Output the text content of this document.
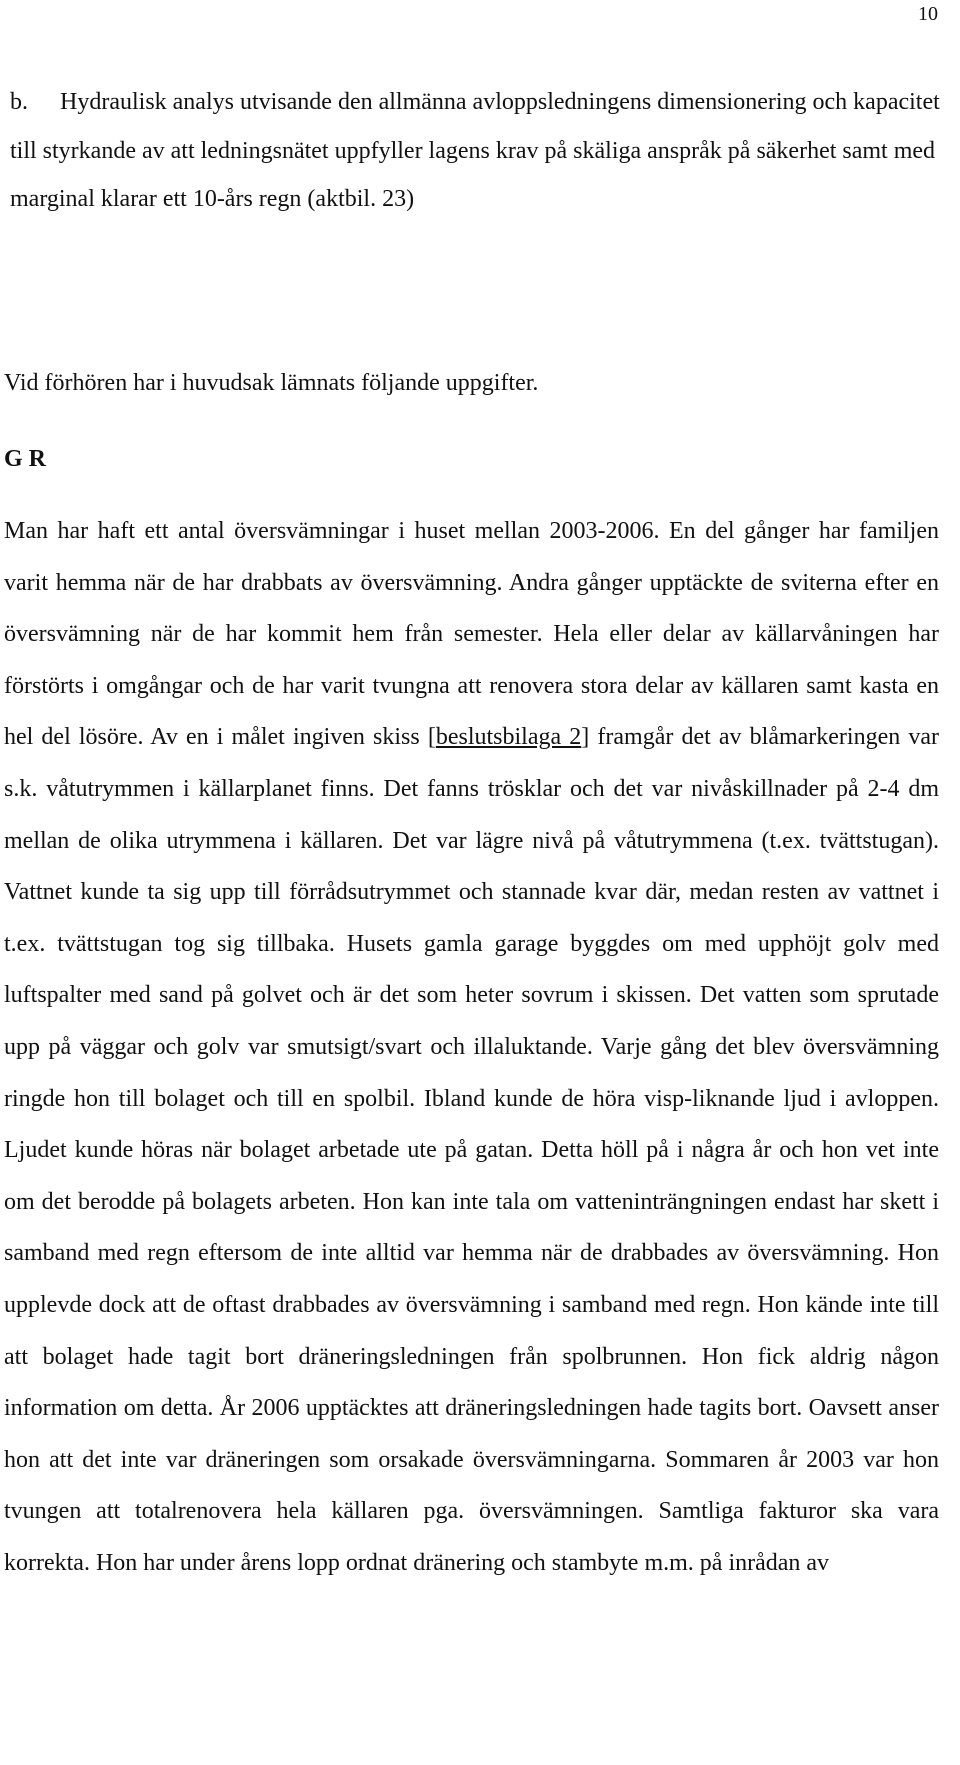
10
b. Hydraulisk analys utvisande den allmänna avloppsledningens dimensionering och kapacitet till styrkande av att ledningsnätet uppfyller lagens krav på skäliga anspråk på säkerhet samt med marginal klarar ett 10-års regn (aktbil. 23)
Vid förhören har i huvudsak lämnats följande uppgifter.
G R
Man har haft ett antal översvämningar i huset mellan 2003-2006. En del gånger har familjen varit hemma när de har drabbats av översvämning. Andra gånger upptäckte de sviterna efter en översvämning när de har kommit hem från semester. Hela eller delar av källarvåningen har förstörts i omgångar och de har varit tvungna att renovera stora delar av källaren samt kasta en hel del lösöre. Av en i målet ingiven skiss [beslutsbilaga 2] framgår det av blåmarkeringen var s.k. våtutrymmen i källarplanet finns. Det fanns trösklar och det var nivåskillnader på 2-4 dm mellan de olika utrymmena i källaren. Det var lägre nivå på våtutrymmena (t.ex. tvättstugan). Vattnet kunde ta sig upp till förrådsutrymmet och stannade kvar där, medan resten av vattnet i t.ex. tvättstugan tog sig tillbaka. Husets gamla garage byggdes om med upphöjt golv med luftspalter med sand på golvet och är det som heter sovrum i skissen. Det vatten som sprutade upp på väggar och golv var smutsigt/svart och illaluktande. Varje gång det blev översvämning ringde hon till bolaget och till en spolbil. Ibland kunde de höra visp-liknande ljud i avloppen. Ljudet kunde höras när bolaget arbetade ute på gatan. Detta höll på i några år och hon vet inte om det berodde på bolagets arbeten. Hon kan inte tala om vatteninträngningen endast har skett i samband med regn eftersom de inte alltid var hemma när de drabbades av översvämning. Hon upplevde dock att de oftast drabbades av översvämning i samband med regn. Hon kände inte till att bolaget hade tagit bort dräneringsledningen från spolbrunnen. Hon fick aldrig någon information om detta. År 2006 upptäcktes att dräneringsledningen hade tagits bort. Oavsett anser hon att det inte var dräneringen som orsakade översvämningarna. Sommaren år 2003 var hon tvungen att totalrenovera hela källaren pga. översvämningen. Samtliga fakturor ska vara korrekta. Hon har under årens lopp ordnat dränering och stambyte m.m. på inrådan av
